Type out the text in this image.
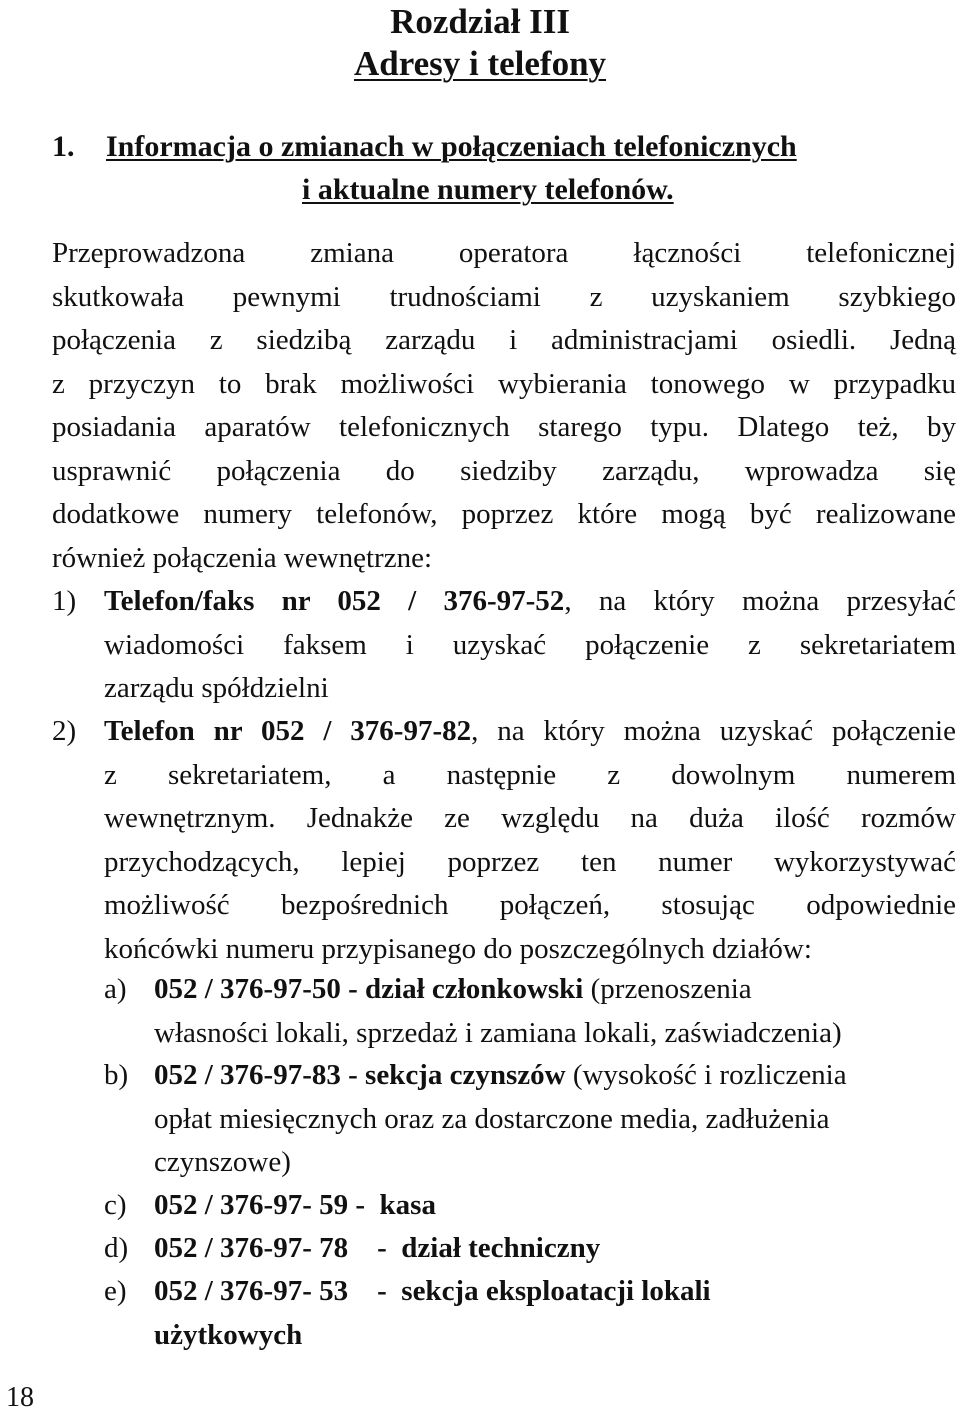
Rozdział III
Adresy i telefony
1. Informacja o zmianach w połączeniach telefonicznych
i aktualne numery telefonów.
Przeprowadzona zmiana operatora łączności telefonicznej
skutkowała pewnymi trudnościami z uzyskaniem szybkiego
połączenia z siedzibą zarządu i administracjami osiedli. Jedną
z przyczyn to brak możliwości wybierania tonowego w przypadku
posiadania aparatów telefonicznych starego typu. Dlatego też, by
usprawnić połączenia do siedziby zarządu, wprowadza się
dodatkowe numery telefonów, poprzez które mogą być realizowane
również połączenia wewnętrzne:
1) Telefon/faks nr 052 / 376-97-52, na który można przesyłać
wiadomości faksem i uzyskać połączenie z sekretariatem
zarządu spółdzielni
2) Telefon nr 052 / 376-97-82, na który można uzyskać połączenie
z sekretariatem, a następnie z dowolnym numerem
wewnętrznym. Jednakże ze względu na duża ilość rozmów
przychodzących, lepiej poprzez ten numer wykorzystywać
możliwość bezpośrednich połączeń, stosując odpowiednie
końcówki numeru przypisanego do poszczególnych działów:
a) 052 / 376-97-50 - dział członkowski (przenoszenia
własności lokali, sprzedaż i zamiana lokali, zaświadczenia)
b) 052 / 376-97-83 - sekcja czynszów (wysokość i rozliczenia
opłat miesięcznych oraz za dostarczone media, zadłużenia
czynszowe)
c) 052 / 376-97- 59 -  kasa
d) 052 / 376-97- 78    -  dział techniczny
e) 052 / 376-97- 53    -  sekcja eksploatacji lokali
użytkowych
18
